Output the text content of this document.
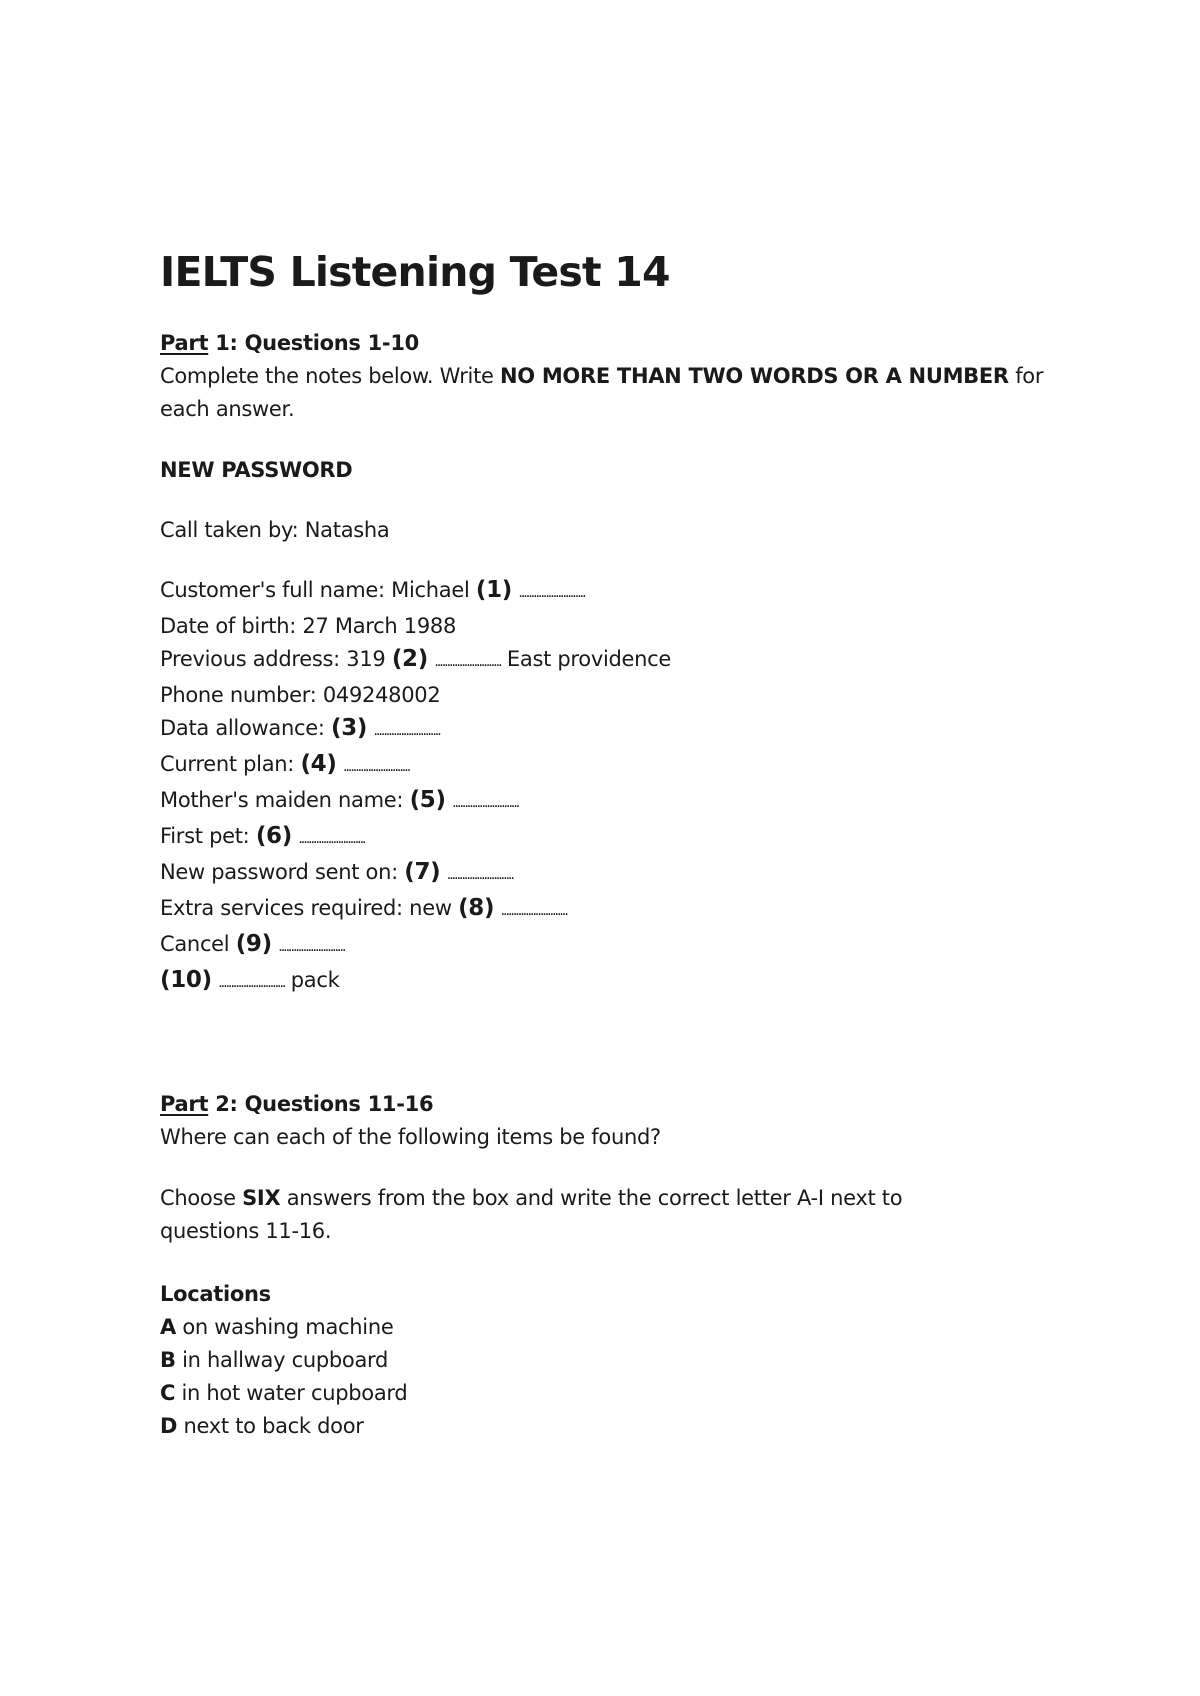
IELTS Listening Test 14
Part 1: Questions 1-10
Complete the notes below. Write NO MORE THAN TWO WORDS OR A NUMBER for
each answer.
NEW PASSWORD
Call taken by: Natasha
Customer's full name: Michael (1) ...........................
Date of birth: 27 March 1988
Previous address: 319 (2) ........................... East providence
Phone number: 049248002
Data allowance: (3) ...........................
Current plan: (4) ...........................
Mother's maiden name: (5) ...........................
First pet: (6) ...........................
New password sent on: (7) ...........................
Extra services required: new (8) ...........................
Cancel (9) ...........................
(10) ........................... pack
Part 2: Questions 11-16
Where can each of the following items be found?
Choose SIX answers from the box and write the correct letter A-I next to
questions 11-16.
Locations
A on washing machine
B in hallway cupboard
C in hot water cupboard
D next to back door
